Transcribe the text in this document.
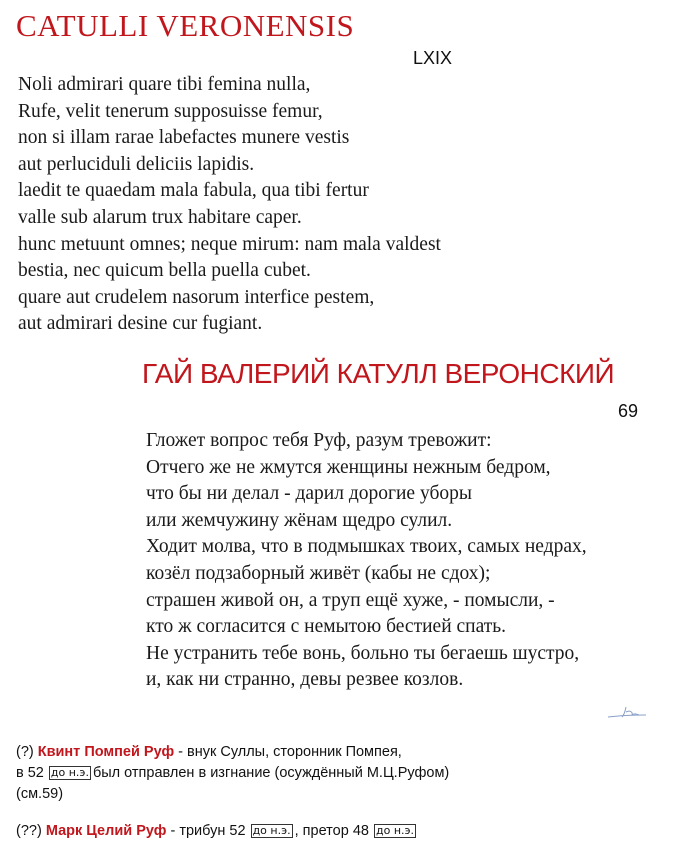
CATULLI VERONENSIS
LXIX
Noli admirari quare tibi femina nulla,
Rufe, velit tenerum supposuisse femur,
non si illam rarae labefactes munere vestis
aut perluciduli deliciis lapidis.
laedit te quaedam mala fabula, qua tibi fertur
valle sub alarum trux habitare caper.
hunc metuunt omnes; neque mirum: nam mala valdest
bestia, nec quicum bella puella cubet.
quare aut crudelem nasorum interfice pestem,
aut admirari desine cur fugiant.
ГАЙ ВАЛЕРИЙ КАТУЛЛ ВЕРОНСКИЙ
69
Гложет вопрос тебя Руф, разум тревожит:
Отчего же не жмутся женщины нежным бедром,
что бы ни делал - дарил дорогие уборы
или жемчужину жёнам щедро сулил.
Ходит молва, что в подмышках твоих, самых недрах,
козёл подзаборный живёт (кабы не сдох);
страшен живой он, а труп ещё хуже, - помысли, -
кто ж согласится с немытою бестией спать.
Не устранить тебе вонь, больно ты бегаешь шустро,
и, как ни странно, девы резвее козлов.
(?) Квинт Помпей Руф - внук Суллы, сторонник Помпея,
в 52 до н.э. был отправлен в изгнание (осуждённый М.Ц.Руфом)
(см.59)
(??) Марк Целий Руф - трибун 52 до н.э. , претор 48 до н.э.
